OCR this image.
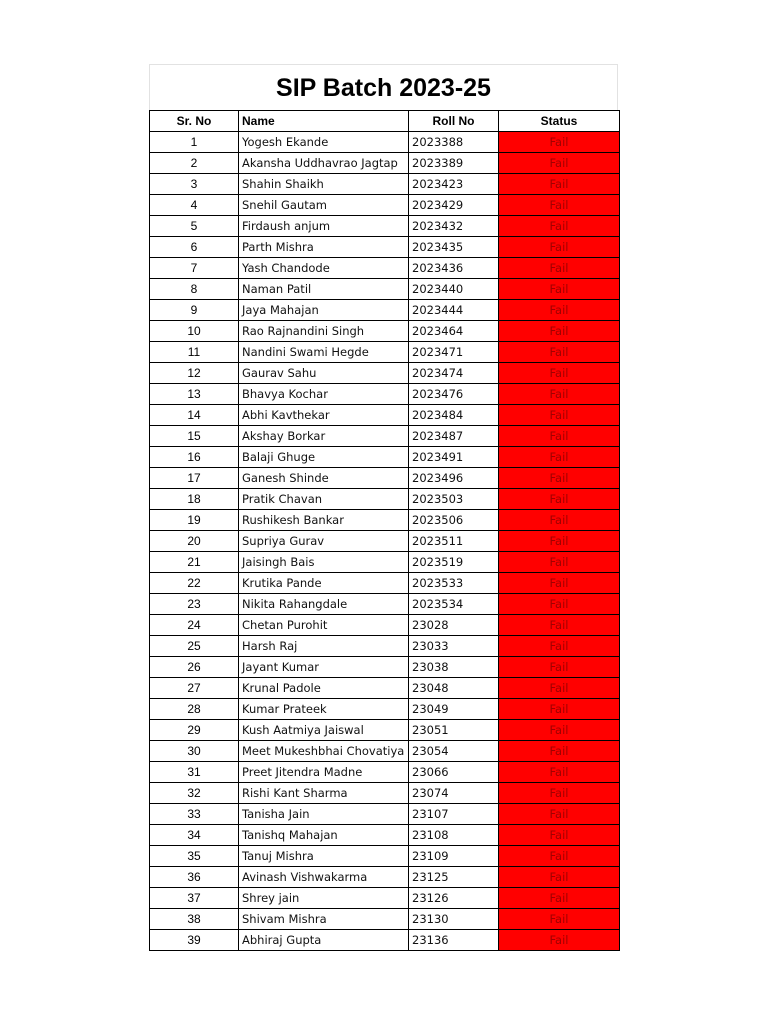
SIP Batch 2023-25
Sr. No	Name	Roll No	Status
1	Yogesh Ekande	2023388	Fail
2	Akansha Uddhavrao Jagtap	2023389	Fail
3	Shahin Shaikh	2023423	Fail
4	Snehil Gautam	2023429	Fail
5	Firdaush anjum	2023432	Fail
6	Parth Mishra	2023435	Fail
7	Yash Chandode	2023436	Fail
8	Naman Patil	2023440	Fail
9	Jaya Mahajan	2023444	Fail
10	Rao Rajnandini Singh	2023464	Fail
11	Nandini Swami Hegde	2023471	Fail
12	Gaurav Sahu	2023474	Fail
13	Bhavya Kochar	2023476	Fail
14	Abhi Kavthekar	2023484	Fail
15	Akshay Borkar	2023487	Fail
16	Balaji Ghuge	2023491	Fail
17	Ganesh Shinde	2023496	Fail
18	Pratik Chavan	2023503	Fail
19	Rushikesh Bankar	2023506	Fail
20	Supriya Gurav	2023511	Fail
21	Jaisingh Bais	2023519	Fail
22	Krutika Pande	2023533	Fail
23	Nikita Rahangdale	2023534	Fail
24	Chetan Purohit	23028	Fail
25	Harsh Raj	23033	Fail
26	Jayant Kumar	23038	Fail
27	Krunal Padole	23048	Fail
28	Kumar Prateek	23049	Fail
29	Kush Aatmiya Jaiswal	23051	Fail
30	Meet Mukeshbhai Chovatiya	23054	Fail
31	Preet Jitendra Madne	23066	Fail
32	Rishi Kant Sharma	23074	Fail
33	Tanisha Jain	23107	Fail
34	Tanishq Mahajan	23108	Fail
35	Tanuj Mishra	23109	Fail
36	Avinash Vishwakarma	23125	Fail
37	Shrey jain	23126	Fail
38	Shivam Mishra	23130	Fail
39	Abhiraj Gupta	23136	Fail
